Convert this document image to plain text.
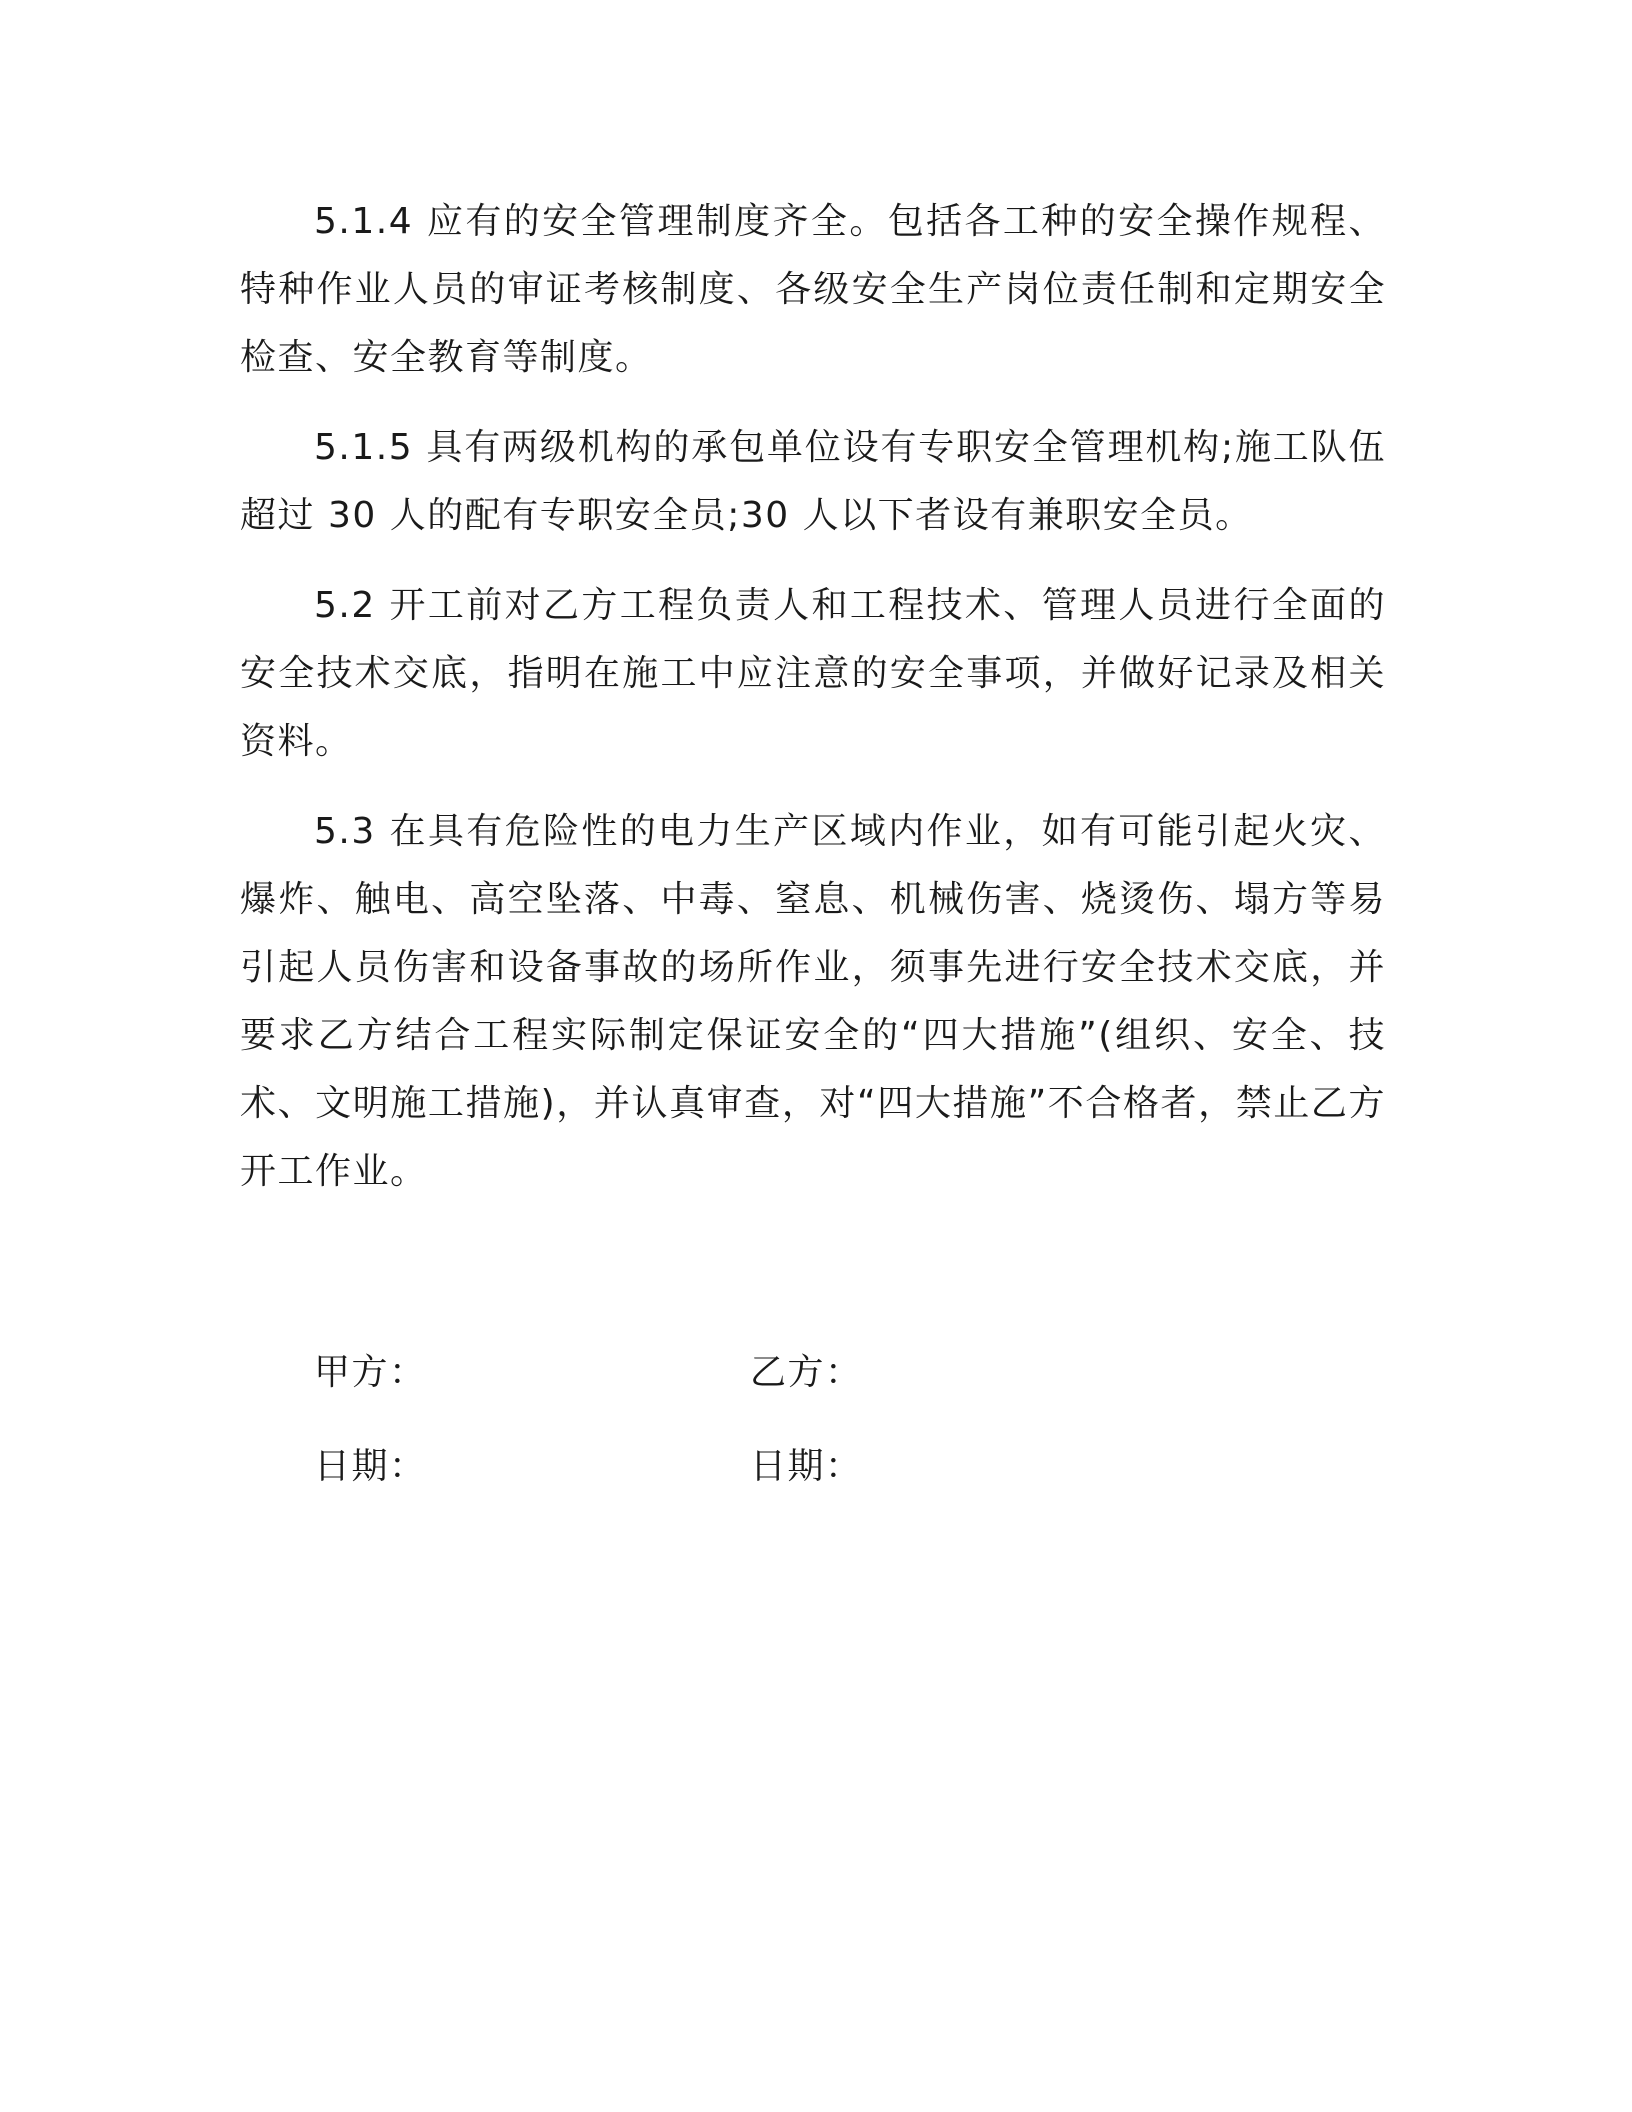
5.1.4 应有的安全管理制度齐全。包括各工种的安全操作规程、特种作业人员的审证考核制度、各级安全生产岗位责任制和定期安全检查、安全教育等制度。

5.1.5 具有两级机构的承包单位设有专职安全管理机构;施工队伍超过 30 人的配有专职安全员;30 人以下者设有兼职安全员。

5.2 开工前对乙方工程负责人和工程技术、管理人员进行全面的安全技术交底，指明在施工中应注意的安全事项，并做好记录及相关资料。

5.3 在具有危险性的电力生产区域内作业，如有可能引起火灾、爆炸、触电、高空坠落、中毒、窒息、机械伤害、烧烫伤、塌方等易引起人员伤害和设备事故的场所作业，须事先进行安全技术交底，并要求乙方结合工程实际制定保证安全的“四大措施”(组织、安全、技术、文明施工措施)，并认真审查，对“四大措施”不合格者，禁止乙方开工作业。

甲方：	乙方：
日期：	日期：
